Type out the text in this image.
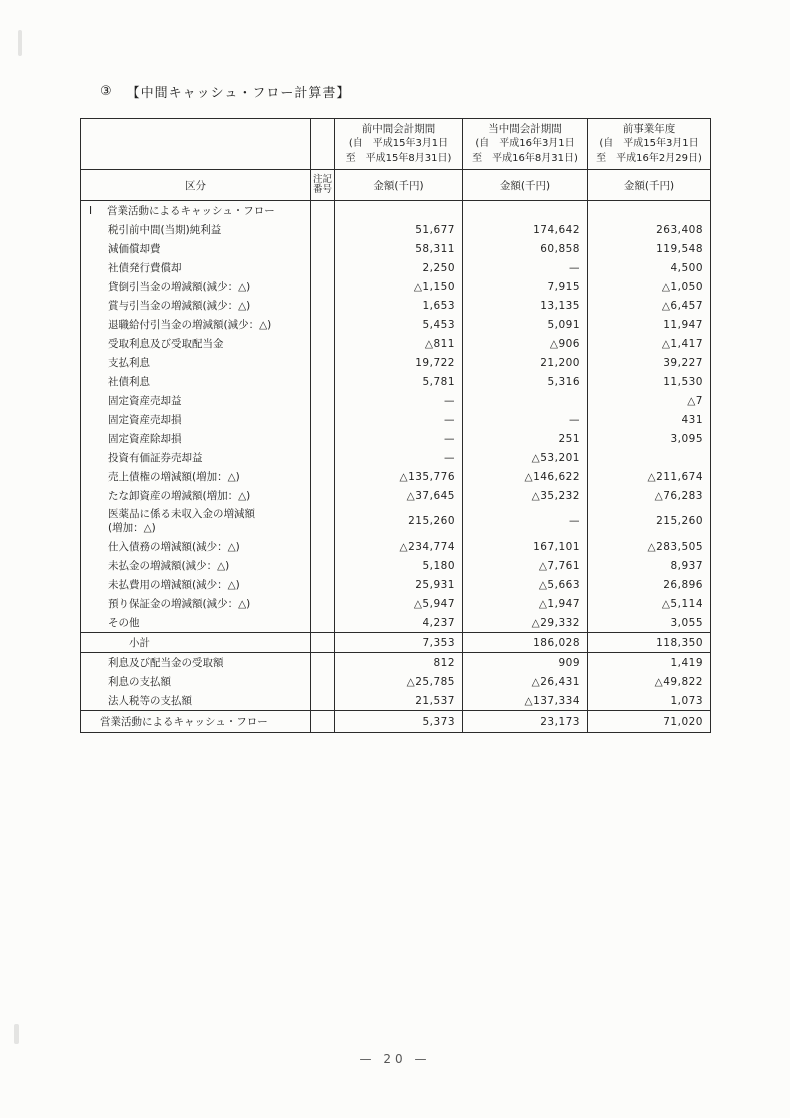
③ 【中間キャッシュ・フロー計算書】

前中間会計期間
(自　平成15年3月1日
至　平成15年8月31日)

当中間会計期間
(自　平成16年3月1日
至　平成16年8月31日)

前事業年度
(自　平成15年3月1日
至　平成16年2月29日)

区分	注記番号	金額(千円)	金額(千円)	金額(千円)
Ⅰ 営業活動によるキャッシュ・フロー				
税引前中間(当期)純利益		51,677	174,642	263,408
減価償却費		58,311	60,858	119,548
社債発行費償却		2,250	—	4,500
貸倒引当金の増減額(減少：△)		△1,150	7,915	△1,050
賞与引当金の増減額(減少：△)		1,653	13,135	△6,457
退職給付引当金の増減額(減少：△)		5,453	5,091	11,947
受取利息及び受取配当金		△811	△906	△1,417
支払利息		19,722	21,200	39,227
社債利息		5,781	5,316	11,530
固定資産売却益		—		△7
固定資産売却損		—	—	431
固定資産除却損		—	251	3,095
投資有価証券売却益		—	△53,201	
売上債権の増減額(増加：△)		△135,776	△146,622	△211,674
たな卸資産の増減額(増加：△)		△37,645	△35,232	△76,283
医薬品に係る未収入金の増減額
(増加：△)		215,260	—	215,260
仕入債務の増減額(減少：△)		△234,774	167,101	△283,505
未払金の増減額(減少：△)		5,180	△7,761	8,937
未払費用の増減額(減少：△)		25,931	△5,663	26,896
預り保証金の増減額(減少：△)		△5,947	△1,947	△5,114
その他		4,237	△29,332	3,055
小計		7,353	186,028	118,350
利息及び配当金の受取額		812	909	1,419
利息の支払額		△25,785	△26,431	△49,822
法人税等の支払額		21,537	△137,334	1,073
営業活動によるキャッシュ・フロー		5,373	23,173	71,020
— 20 —
